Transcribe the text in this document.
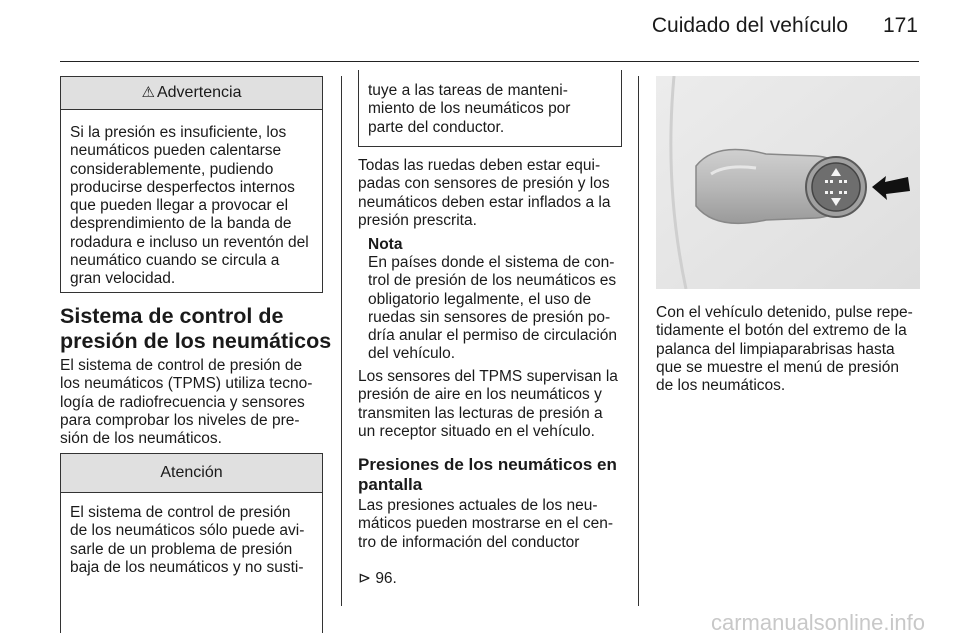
Cuidado del vehículo	171
⚠ Advertencia
Si la presión es insuficiente, los
neumáticos pueden calentarse
considerablemente, pudiendo
producirse desperfectos internos
que pueden llegar a provocar el
desprendimiento de la banda de
rodadura e incluso un reventón del
neumático cuando se circula a
gran velocidad.
Sistema de control de
presión de los neumáticos
El sistema de control de presión de
los neumáticos (TPMS) utiliza tecno-
logía de radiofrecuencia y sensores
para comprobar los niveles de pre-
sión de los neumáticos.
Atención
El sistema de control de presión
de los neumáticos sólo puede avi-
sarle de un problema de presión
baja de los neumáticos y no susti-
tuye a las tareas de manteni-
miento de los neumáticos por
parte del conductor.
Todas las ruedas deben estar equi-
padas con sensores de presión y los
neumáticos deben estar inflados a la
presión prescrita.
Nota
En países donde el sistema de con-
trol de presión de los neumáticos es
obligatorio legalmente, el uso de
ruedas sin sensores de presión po-
dría anular el permiso de circulación
del vehículo.
Los sensores del TPMS supervisan la
presión de aire en los neumáticos y
transmiten las lecturas de presión a
un receptor situado en el vehículo.
Presiones de los neumáticos en
pantalla
Las presiones actuales de los neu-
máticos pueden mostrarse en el cen-
tro de información del conductor

⊳ 96.

Con el vehículo detenido, pulse repe-
tidamente el botón del extremo de la
palanca del limpiaparabrisas hasta
que se muestre el menú de presión
de los neumáticos.
carmanualsonline.info
